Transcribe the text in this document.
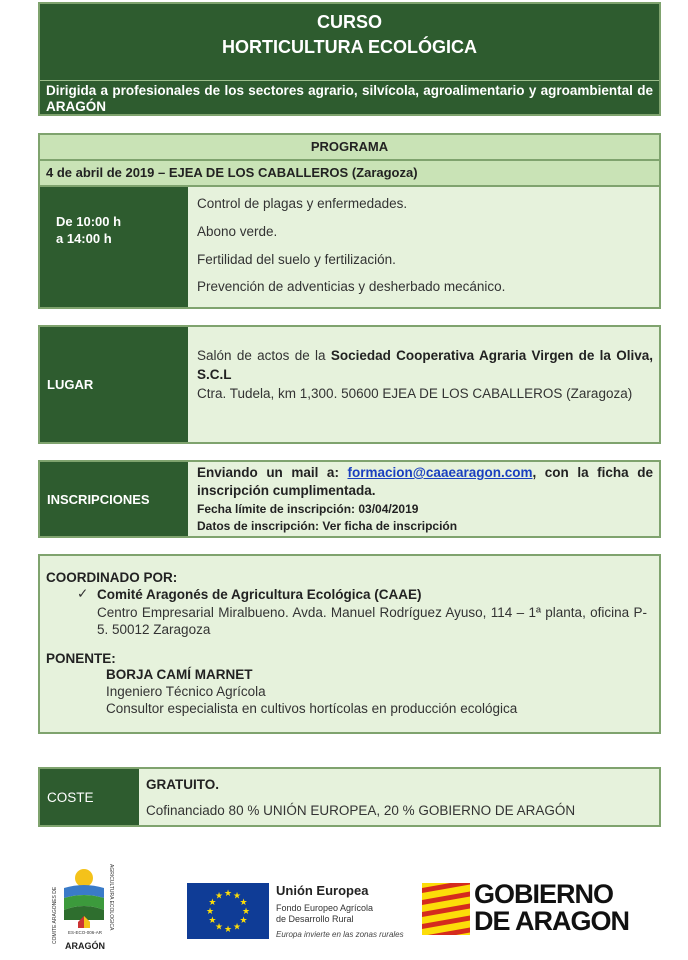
CURSO
HORTICULTURA ECOLÓGICA
Dirigida a profesionales de los sectores agrario, silvícola, agroalimentario y agroambiental de ARAGÓN
PROGRAMA
4 de abril de 2019 – EJEA DE LOS CABALLEROS (Zaragoza)
De 10:00 h
a 14:00 h
Control de plagas y enfermedades.
Abono verde.
Fertilidad del suelo y fertilización.
Prevención de adventicias y desherbado mecánico.
LUGAR
Salón de actos de la Sociedad Cooperativa Agraria Virgen de la Oliva, S.C.L
Ctra. Tudela, km 1,300. 50600 EJEA DE LOS CABALLEROS (Zaragoza)
INSCRIPCIONES
Enviando un mail a: formacion@caaearagon.com, con la ficha de inscripción cumplimentada.
Fecha límite de inscripción: 03/04/2019
Datos de inscripción: Ver ficha de inscripción
COORDINADO POR:
✓ Comité Aragonés de Agricultura Ecológica (CAAE)
Centro Empresarial Miralbueno. Avda. Manuel Rodríguez Ayuso, 114 – 1ª planta, oficina P-5. 50012 Zaragoza
PONENTE:
BORJA CAMÍ MARNET
Ingeniero Técnico Agrícola
Consultor especialista en cultivos hortícolas en producción ecológica
COSTE
GRATUITO.
Cofinanciado 80 % UNIÓN EUROPEA, 20 % GOBIERNO DE ARAGÓN
COMITÉ ARAGONÉS DE	AGRICULTURA ECOLÓGICA
ES-ECO-006-AR
ARAGÓN
★ ★
★
★
★
★
★
★
★
★
★
★	Unión Europea
Fondo Europeo Agrícola
de Desarrollo Rural
Europa invierte en las zonas rurales
GOBIERNO
DE ARAGON
